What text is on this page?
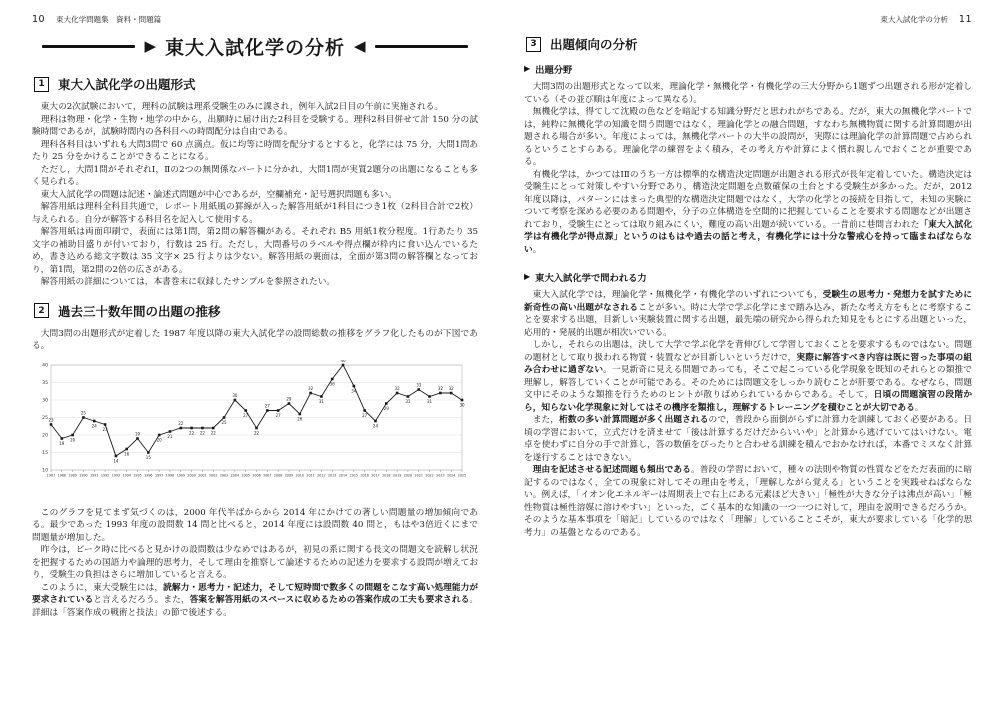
10 東大化学問題集　資料・問題篇
▶ 東大入試化学の分析 ◀
1	東大入試化学の出題形式

東大の2次試験において，理科の試験は理系受験生のみに課され，例年入試2日目の午前に実施される。

理科は物理・化学・生物・地学の中から，出願時に届け出た2科目を受験する。理科2科目併せて計 150 分の試験時間であるが，試験時間内の各科目への時間配分は自由である。

理科各科目はいずれも大問3問で 60 点満点。仮に均等に時間を配分するとすると，化学には 75 分，大問1問あたり 25 分をかけることができることになる。

ただし，大問1問がそれぞれⅠ，Ⅱの2つの無関係なパートに分かれ，大問1問が実質2題分の出題になることも多く見られる。

東大入試化学の問題は記述・論述式問題が中心であるが，空欄補充・記号選択問題も多い。

解答用紙は理科全科目共通で，レポート用紙風の罫線が入った解答用紙が1科目につき1枚（2科目合計で2枚）与えられる。自分が解答する科目名を記入して使用する。

解答用紙は両面印刷で，表面には第1問，第2問の解答欄がある。それぞれ B5 用紙1枚分程度。1行あたり 35 文字の補助目盛りが付いており，行数は 25 行。ただし，大問番号のラベルや得点欄が枠内に食い込んでいるため，書き込める総文字数は 35 文字× 25 行よりは少ない。解答用紙の裏面は，全面が第3問の解答欄となっており，第1問，第2問の2倍の広さがある。

解答用紙の詳細については，本書巻末に収録したサンプルを参照されたい。

2	過去三十数年間の出題の推移

大問3問の出題形式が定着した 1987 年度以降の東大入試化学の設問総数の推移をグラフ化したものが下図である。

10
15
20
25
30
35
40
1987 1988 1989 1990 1991 1992 1993 1994 1995 1996 1997 1998 1999 2000 2001 2002 2003 2004 2005 2006 2007 2008 2009 2010 2011 2012 2013 2014 2015 2016 2017 2018 2019 2020 2021 2022 2023 2024 2025
23
19
20
25
24
23
14
16
19
15
20
21
22
22 22 22
25
30
27
22
27
27
29
26
32
31
36
40
34
27
24
29
32
31
33
31
32 32
30

このグラフを見てまず気づくのは，2000 年代半ばからから 2014 年にかけての著しい問題量の増加傾向である。最少であった 1993 年度の設問数 14 問と比べると，2014 年度には設問数 40 問と，もはや3倍近くにまで問題量が増加した。

昨今は，ピーク時に比べると見かけの設問数は少なめではあるが，初見の系に関する長文の問題文を読解し状況を把握するための国語力や論理的思考力，そして理由を推察して論述するための記述力を要求する設問が増えており，受験生の負担はさらに増加していると言える。

このように，東大受験生には，読解力・思考力・記述力，そして短時間で数多くの問題をこなす高い処理能力が要求されていると言えるだろう。また，答案を解答用紙のスペースに収めるための答案作成の工夫も要求される。詳細は「答案作成の戦術と技法」の節で後述する。

東大入試化学の分析 11
3	出題傾向の分析
▶ 出題分野

大問3問の出題形式となって以来，理論化学・無機化学・有機化学の三大分野から1題ずつ出題される形が定着している（その並び順は年度によって異なる）。

無機化学は，得てして沈殿の色などを暗記する知識分野だと思われがちである。だが，東大の無機化学パートでは，純粋に無機化学の知識を問う問題ではなく，理論化学との融合問題，すなわち無機物質に関する計算問題が出題される場合が多い。年度によっては，無機化学パートの大半の設問が，実際には理論化学の計算問題で占められるということすらある。理論化学の練習をよく積み，その考え方や計算によく慣れ親しんでおくことが重要である。

有機化学は，かつてはⅠⅡのうち一方は標準的な構造決定問題が出題される形式が長年定着していた。構造決定は受験生にとって対策しやすい分野であり，構造決定問題を点数確保の土台とする受験生が多かった。だが，2012 年度以降は，パターンにはまった典型的な構造決定問題ではなく，大学の化学との接続を目指して，未知の実験について考察を深める必要のある問題や，分子の立体構造を空間的に把握していることを要求する問題などが出題されており，受験生にとっては取り組みにくい，難度の高い出題が続いている。一昔前に巷間言われた「東大入試化学は有機化学が得点源」というのはもはや過去の話と考え，有機化学には十分な警戒心を持って臨まねばならない。

▶ 東大入試化学で問われる力

東大入試化学では，理論化学・無機化学・有機化学のいずれについても，受験生の思考力・発想力を試すために新奇性の高い出題がなされることが多い。時に大学で学ぶ化学にまで踏み込み，新たな考え方をもとに考察することを要求する出題，目新しい実験装置に関する出題，最先端の研究から得られた知見をもとにする出題といった，応用的・発展的出題が相次いでいる。

しかし，それらの出題は，決して大学で学ぶ化学を背伸びして学習しておくことを要求するものではない。問題の題材として取り扱われる物質・装置などが目新しいというだけで，実際に解答すべき内容は既に習った事項の組み合わせに過ぎない。一見新奇に見える問題であっても，そこで起こっている化学現象を既知のそれらとの類推で理解し，解答していくことが可能である。そのためには問題文をしっかり読むことが肝要である。なぜなら，問題文中にそのような類推を行うためのヒントが散りばめられているからである。そして，日頃の問題演習の段階から，知らない化学現象に対してはその機序を類推し，理解するトレーニングを積むことが大切である。

また，桁数の多い計算問題が多く出題されるので，普段から面倒がらずに計算力を訓練しておく必要がある。日頃の学習において，立式だけを済ませて「後は計算するだけだからいいや」と計算から逃げていてはいけない。電卓を使わずに自分の手で計算し，答の数値をぴったりと合わせる訓練を積んでおかなければ，本番でミスなく計算を遂行することはできない。

理由を記述させる記述問題も頻出である。普段の学習において，種々の法則や物質の性質などをただ表面的に暗記するのではなく，全ての現象に対してその理由を考え，「理解しながら覚える」ということを実践せねばならない。例えば，「イオン化エネルギーは周期表上で右上にある元素ほど大きい」「極性が大きな分子は沸点が高い」「極性物質は極性溶媒に溶けやすい」といった，ごく基本的な知識の一つ一つに対して，理由を説明できるだろうか。そのような基本事項を「暗記」しているのではなく「理解」していることこそが，東大が要求している「化学的思考力」の基盤となるのである。
